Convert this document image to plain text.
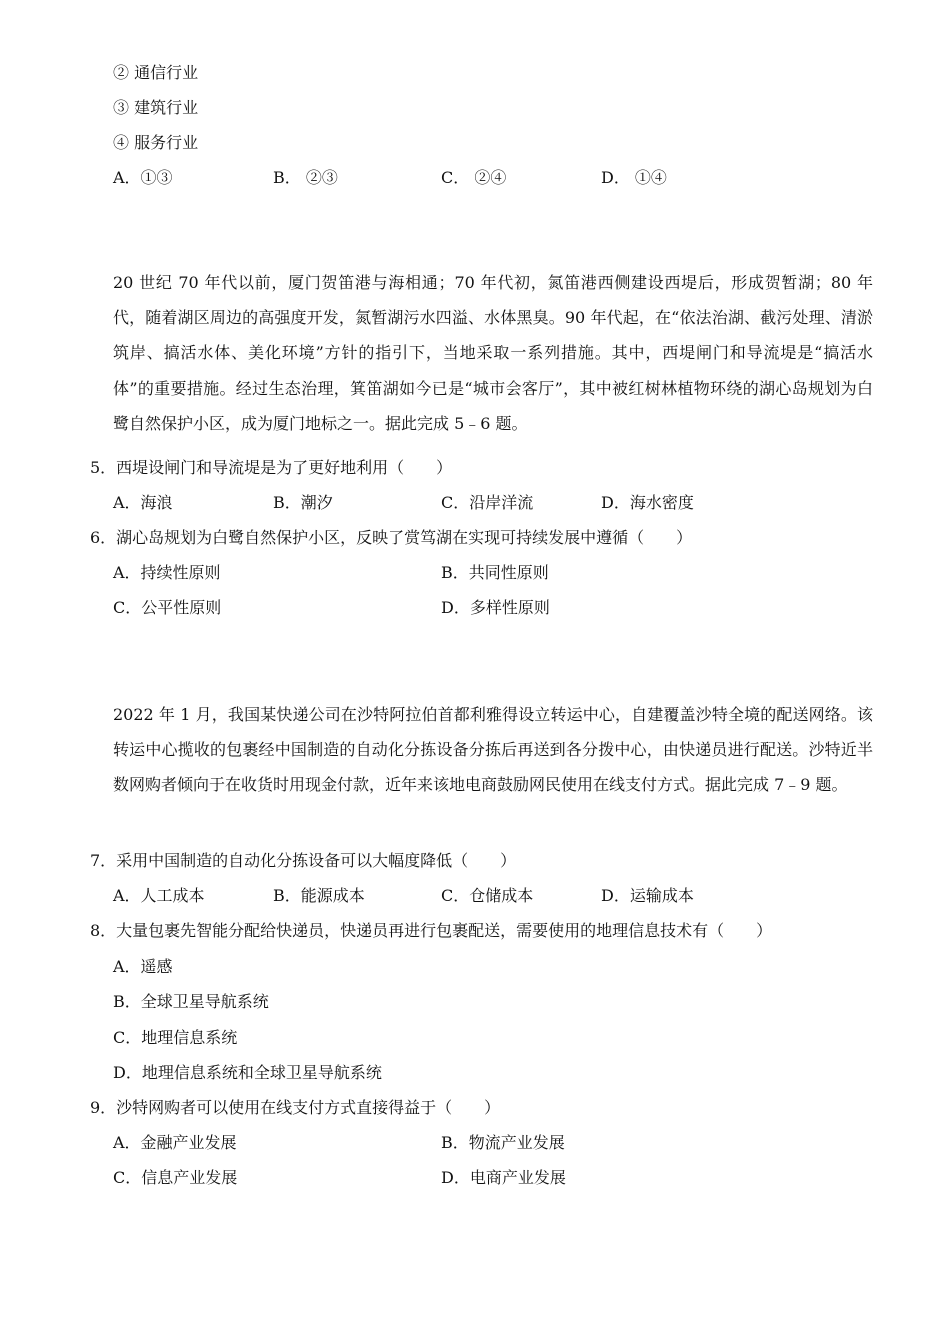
② 通信行业
③ 建筑行业
④ 服务行业
A．①③	B． ②③	C． ②④	D． ①④
20 世纪 70 年代以前，厦门贺笛港与海相通；70 年代初，氮笛港西侧建设西堤后，形成贺暂湖；80 年代，随着湖区周边的高强度开发，氮暂湖污水四溢、水体黑臭。90 年代起，在“依法治湖、截污处理、清淤筑岸、搞活水体、美化环境”方针的指引下，当地采取一系列措施。其中，西堤闸门和导流堤是“搞活水体”的重要措施。经过生态治理，箕笛湖如今已是“城市会客厅”，其中被红树林植物环绕的湖心岛规划为白鹭自然保护小区，成为厦门地标之一。据此完成 5﹣6 题。
5．西堤设闸门和导流堤是为了更好地利用（　　）
A．海浪	B．潮汐	C．沿岸洋流	D．海水密度
6．湖心岛规划为白鹭自然保护小区，反映了赏笃湖在实现可持续发展中遵循（　　）
A．持续性原则	B．共同性原则
C．公平性原则	D．多样性原则
2022 年 1 月，我国某快递公司在沙特阿拉伯首都利雅得设立转运中心，自建覆盖沙特全境的配送网络。该转运中心揽收的包裹经中国制造的自动化分拣设备分拣后再送到各分拨中心，由快递员进行配送。沙特近半数网购者倾向于在收货时用现金付款，近年来该地电商鼓励网民使用在线支付方式。据此完成 7﹣9 题。
7．采用中国制造的自动化分拣设备可以大幅度降低（　　）
A．人工成本	B．能源成本	C．仓储成本	D．运输成本
8．大量包裹先智能分配给快递员，快递员再进行包裹配送，需要使用的地理信息技术有（　　）
A．遥感
B．全球卫星导航系统
C．地理信息系统
D．地理信息系统和全球卫星导航系统
9．沙特网购者可以使用在线支付方式直接得益于（　　）
A．金融产业发展	B．物流产业发展
C．信息产业发展	D．电商产业发展
